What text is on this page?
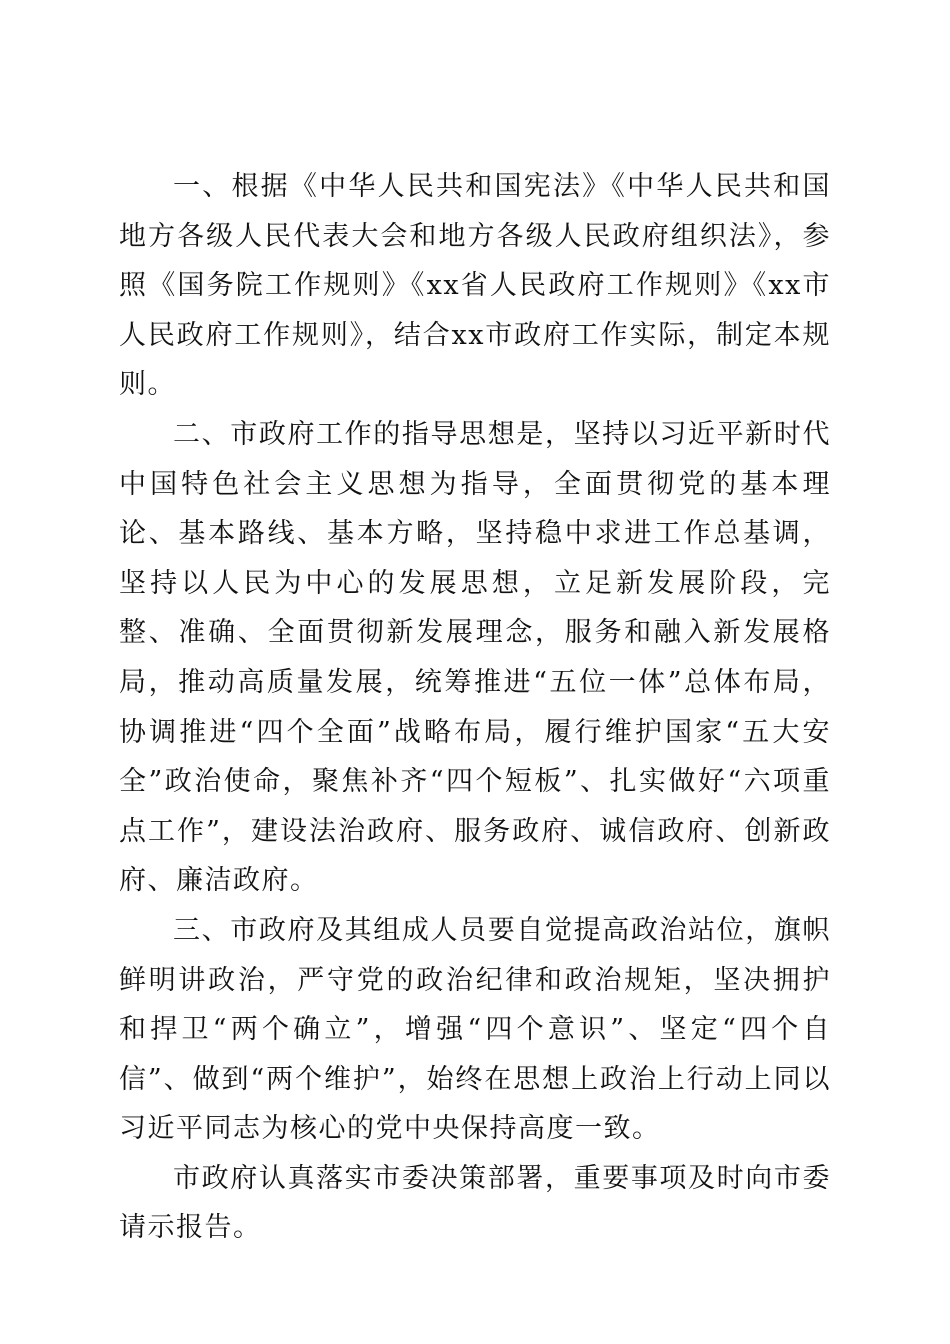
一、根据《中华人民共和国宪法》《中华人民共和国地方各级人民代表大会和地方各级人民政府组织法》，参照《国务院工作规则》《xx省人民政府工作规则》《xx市人民政府工作规则》，结合xx市政府工作实际，制定本规则。

二、市政府工作的指导思想是，坚持以习近平新时代中国特色社会主义思想为指导，全面贯彻党的基本理论、基本路线、基本方略，坚持稳中求进工作总基调，坚持以人民为中心的发展思想，立足新发展阶段，完整、准确、全面贯彻新发展理念，服务和融入新发展格局，推动高质量发展，统筹推进“五位一体”总体布局，协调推进“四个全面”战略布局，履行维护国家“五大安全”政治使命，聚焦补齐“四个短板”、扎实做好“六项重点工作”，建设法治政府、服务政府、诚信政府、创新政府、廉洁政府。

三、市政府及其组成人员要自觉提高政治站位，旗帜鲜明讲政治，严守党的政治纪律和政治规矩，坚决拥护和捍卫“两个确立”，增强“四个意识”、坚定“四个自信”、做到“两个维护”，始终在思想上政治上行动上同以习近平同志为核心的党中央保持高度一致。

市政府认真落实市委决策部署，重要事项及时向市委请示报告。
